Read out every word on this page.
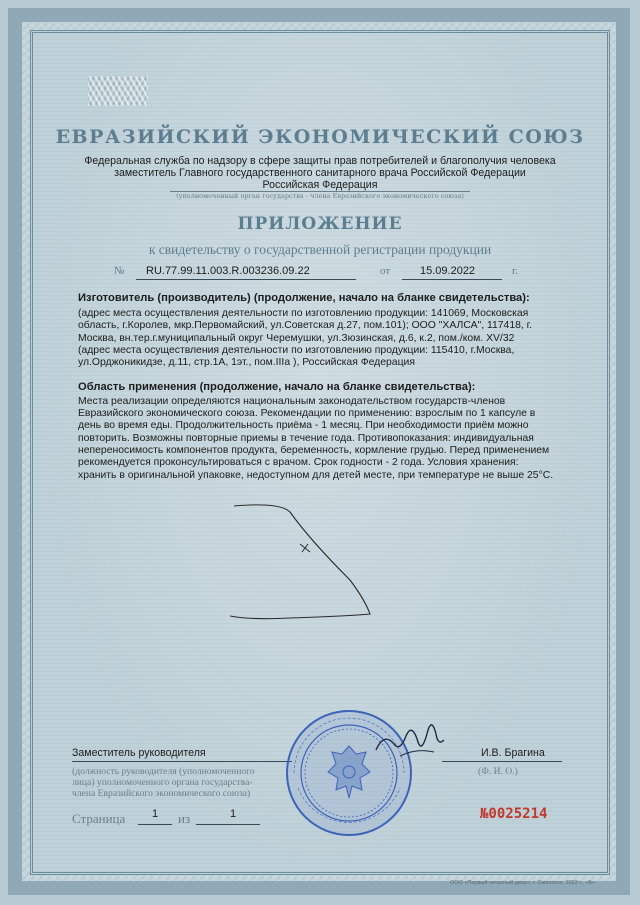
ЕВРАЗИЙСКИЙ ЭКОНОМИЧЕСКИЙ СОЮЗ
Федеральная служба по надзору в сфере защиты прав потребителей и благополучия человека
заместитель Главного государственного санитарного врача Российской Федерации
Российская Федерация
(уполномоченный орган государства - члена Евразийского экономического союза)
ПРИЛОЖЕНИЕ
к свидетельству о государственной регистрации продукции
№ RU.77.99.11.003.R.003236.09.22	от	15.09.2022	г.
Изготовитель (производитель) (продолжение, начало на бланке свидетельства):
(адрес места осуществления деятельности по изготовлению продукции: 141069, Московская
область, г.Королев, мкр.Первомайский, ул.Советская д.27, пом.101); ООО "ХАЛСА", 117418, г.
Москва, вн.тер.г.муниципальный округ Черемушки, ул.Зюзинская, д.6, к.2, пом./ком. XV/32
(адрес места осуществления деятельности по изготовлению продукции: 115410, г.Москва,
ул.Орджоникидзе, д.11, стр.1А, 1эт., пом.IIIа ), Российская Федерация
Область применения (продолжение, начало на бланке свидетельства):
Места реализации определяются национальным законодательством государств-членов
Евразийского экономического союза. Рекомендации по применению: взрослым по 1 капсуле в
день во время еды. Продолжительность приёма - 1 месяц. При необходимости приём можно
повторить. Возможны повторные приемы в течение года. Противопоказания: индивидуальная
непереносимость компонентов продукта, беременность, кормление грудью. Перед применением
рекомендуется проконсультироваться с врачом. Срок годности - 2 года. Условия хранения:
хранить в оригинальной упаковке, недоступном для детей месте, при температуре не выше 25°С.
Заместитель руководителя
(должность руководителя (уполномоченного
лица) уполномоченного органа государства-
члена Евразийского экономического союза)
И.В. Брагина
(Ф. И. О.)
Страница 1 из	1	№0025214
ООО «Первый печатный двор», г. Смоленск, 2022 г., «Б»
